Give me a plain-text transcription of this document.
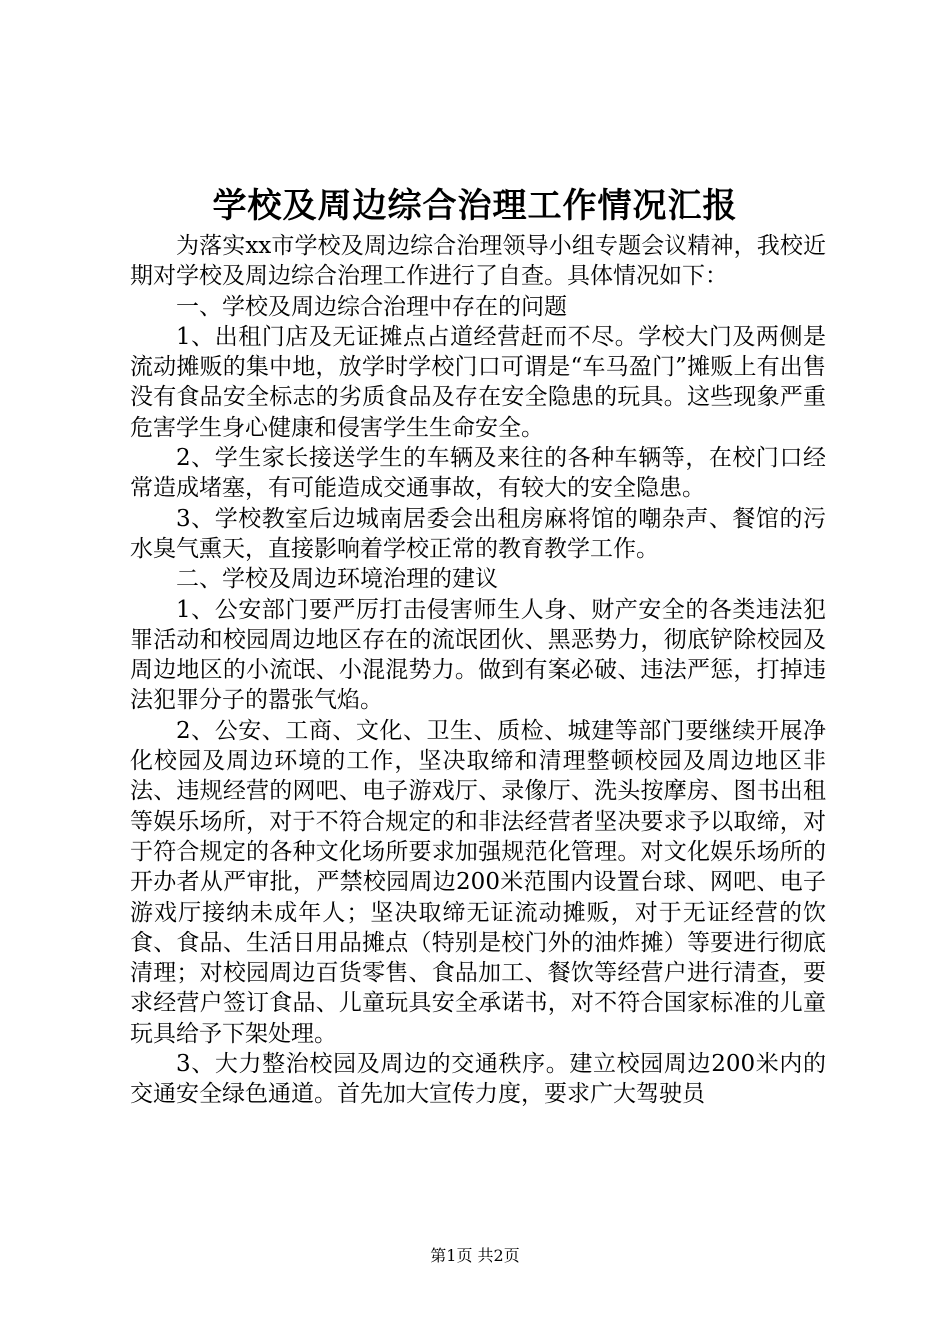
学校及周边综合治理工作情况汇报

为落实xx市学校及周边综合治理领导小组专题会议精神，我校近期对学校及周边综合治理工作进行了自查。具体情况如下：

一、学校及周边综合治理中存在的问题

1、出租门店及无证摊点占道经营赶而不尽。学校大门及两侧是流动摊贩的集中地，放学时学校门口可谓是“车马盈门”摊贩上有出售没有食品安全标志的劣质食品及存在安全隐患的玩具。这些现象严重危害学生身心健康和侵害学生生命安全。

2、学生家长接送学生的车辆及来往的各种车辆等，在校门口经常造成堵塞，有可能造成交通事故，有较大的安全隐患。

3、学校教室后边城南居委会出租房麻将馆的嘲杂声、餐馆的污水臭气熏天，直接影响着学校正常的教育教学工作。

二、学校及周边环境治理的建议

1、公安部门要严厉打击侵害师生人身、财产安全的各类违法犯罪活动和校园周边地区存在的流氓团伙、黑恶势力，彻底铲除校园及周边地区的小流氓、小混混势力。做到有案必破、违法严惩，打掉违法犯罪分子的嚣张气焰。

2、公安、工商、文化、卫生、质检、城建等部门要继续开展净化校园及周边环境的工作，坚决取缔和清理整顿校园及周边地区非法、违规经营的网吧、电子游戏厅、录像厅、洗头按摩房、图书出租等娱乐场所，对于不符合规定的和非法经营者坚决要求予以取缔，对于符合规定的各种文化场所要求加强规范化管理。对文化娱乐场所的开办者从严审批，严禁校园周边200米范围内设置台球、网吧、电子游戏厅接纳未成年人；坚决取缔无证流动摊贩，对于无证经营的饮食、食品、生活日用品摊点（特别是校门外的油炸摊）等要进行彻底清理；对校园周边百货零售、食品加工、餐饮等经营户进行清查，要求经营户签订食品、儿童玩具安全承诺书，对不符合国家标准的儿童玩具给予下架处理。

3、大力整治校园及周边的交通秩序。建立校园周边200米内的交通安全绿色通道。首先加大宣传力度，要求广大驾驶员

第1页 共2页
